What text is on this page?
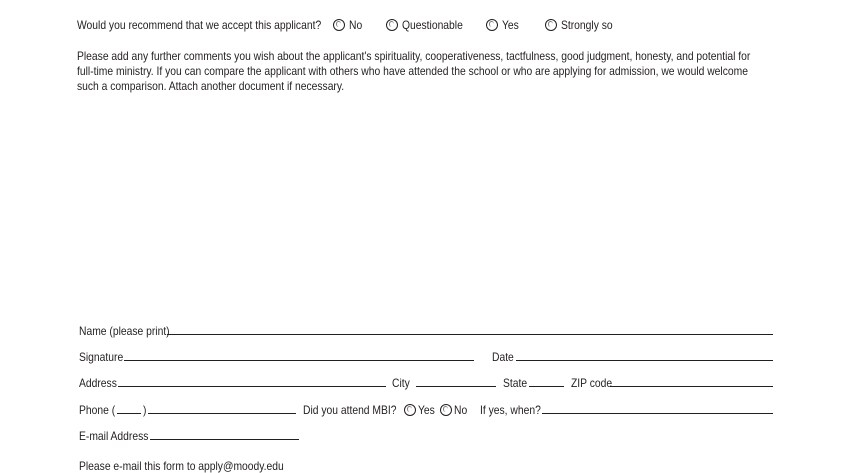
Would you recommend that we accept this applicant? No	Questionable	Yes	Strongly so

Please add any further comments you wish about the applicant's spirituality, cooperativeness, tactfulness, good judgment, honesty, and potential for full-time ministry. If you can compare the applicant with others who have attended the school or who are applying for admission, we would welcome such a comparison. Attach another document if necessary.

Name (please print)
Signature	Date
Address	City	State	ZIP code
Phone ( )	Did you attend MBI? Yes No If yes, when?
E-mail Address
Please e-mail this form to apply@moody.edu
